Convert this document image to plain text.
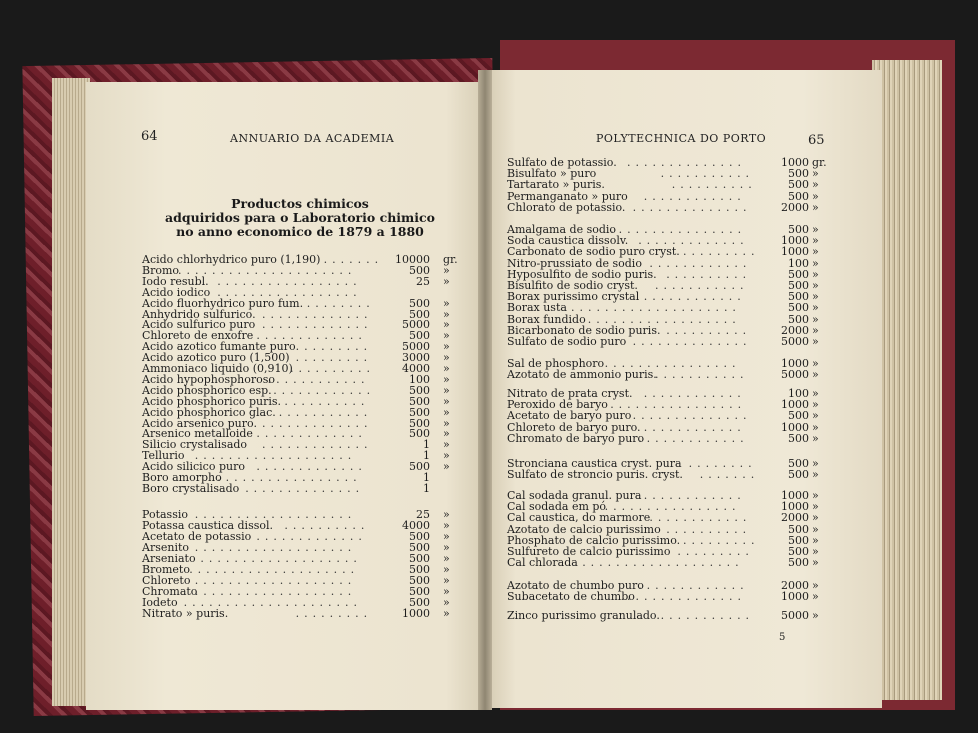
64	ANNUARIO DA ACADEMIA	POLYTECHNICA DO PORTO	65
Productos chimicos
adquiridos para o Laboratorio chimico
no anno economico de 1879 a 1880
Acido chlorhydrico puro (1,190)	10000 gr.
.......
Bromo	500 »
.....................
Iodo resubl.	25 »
.................
Acido iodico .................
Acido fluorhydrico puro fum.	500 »
........
Anhydrido sulfurico.	500 »
.............
Acido sulfurico puro	5000 »
.............
Chloreto de enxofre	500 »
.............
Acido azotico fumante puro	5000 »
.........
Acido azotico puro (1,500)	3000 »
.........
Ammoniaco liquido (0,910)	4000 »
..........
Acido hypophosphoroso	100 »
............
Acido phosphorico esp.	500 »
............
Acido phosphorico puris.	500 »
..........
Acido phosphorico glac.	500 »
...........
Acido arsenico puro.	500 »
.............
Arsenico metalloide	500 »
.............
Silicio crystalisado	1 »
.............
Tellurio	1 »
...................
Acido silicico puro	500 »
.............
Boro amorpho	1
.................
Boro crystalisado	1
..............
Potassio	25 »
...................
Potassa caustica dissol.	4000 »
..........
Acetato de potassio	500 »
.............
Arsenito	500 »
...................
Arseniato	500 »
...................
Brometo	500 »
....................
Chloreto	500 »
...................
Chromato	500 »
...................
Iodeto	500 »
.....................
Nitrato » puris.	1000 »
.........
Sulfato de potassio.	1000 gr.
..............
Bisulfato » puro	500 »
...........
Tartarato » puris.	500 »
..........
Permanganato » puro	500 »
............
Chlorato de potassio.	2000 »
..............
Amalgama de sodio	500 »
................
Soda caustica dissolv.	1000 »
.............
Carbonato de sodio puro cryst.	1000 »
.........
Nitro-prussiato de sodio	100 »
............
Hyposulfito de sodio puris.	500 »
..........
Bisulfito de sodio cryst.	500 »
...........
Borax purissimo crystal	500 »
............
Borax usta	500 »
....................
Borax fundido	500 »
..................
Bicarbonato de sodio puris.	2000 »
..........
Sulfato de sodio puro	5000 »
..............
Sal de phosphoro	1000 »
................
Azotato de ammonio puris.	5000 »
...........
Nitrato de prata cryst.	100 »
............
Peroxido de baryo	1000 »
................
Acetato de baryo puro	500 »
..............
Chloreto de baryo puro.	1000 »
............
Chromato de baryo puro	500 »
.............
Stronciana caustica cryst. pura	500 »
........
Sulfato de stroncio puris. cryst.	500 »
.......
Cal sodada granul. pura	1000 »
............
Cal sodada em pó	1000 »
................
Cal caustica, do marmore	2000 »
............
Azotato de calcio purissimo	500 »
..........
Phosphato de calcio purissimo.	500 »
.........
Sulfureto de calcio purissimo	500 »
.........
Cal chlorada	500 »
...................
Azotato de chumbo puro	2000 »
.............
Subacetato de chumbo	1000 »
..............
Zinco purissimo granulado.	5000 »
...........
5
